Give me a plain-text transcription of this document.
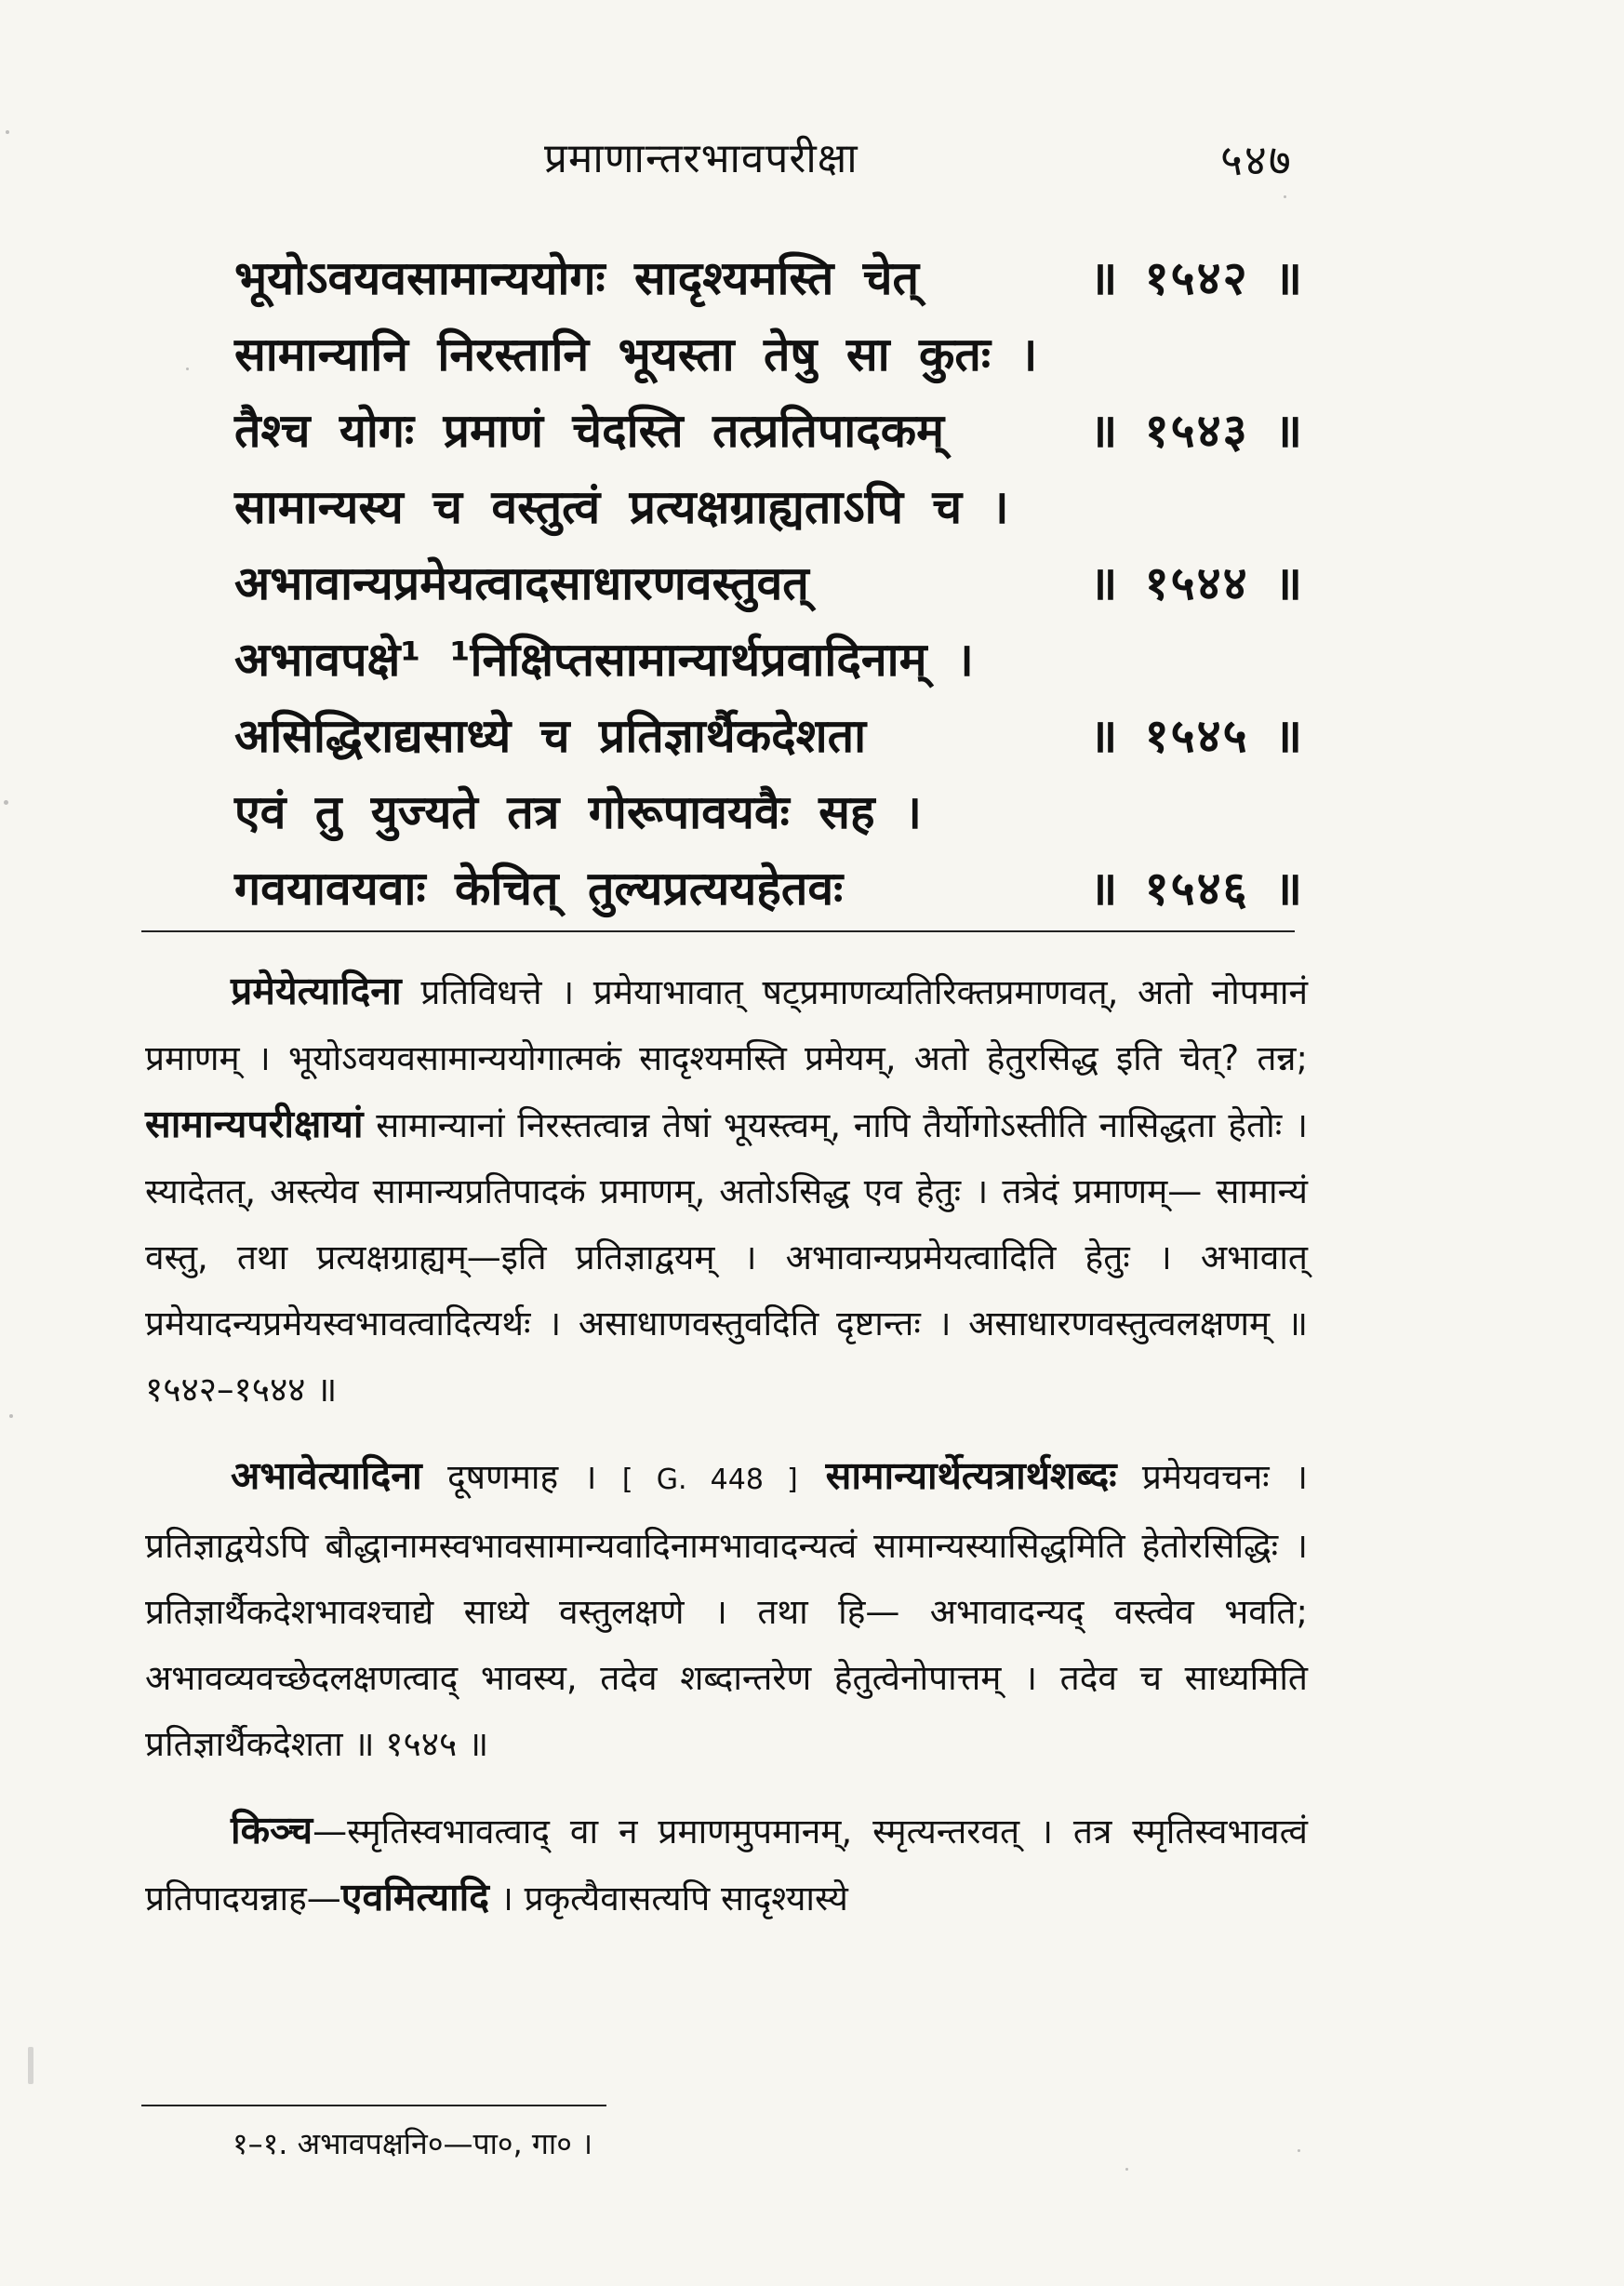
प्रमाणान्तरभावपरीक्षा	५४७
भूयोऽवयवसामान्ययोगः सादृश्यमस्ति चेत्	॥ १५४२ ॥
सामान्यानि निरस्तानि भूयस्ता तेषु सा कुतः ।
तैश्च योगः प्रमाणं चेदस्ति तत्प्रतिपादकम्	॥ १५४३ ॥
सामान्यस्य च वस्तुत्वं प्रत्यक्षग्राह्यताऽपि च ।
अभावान्यप्रमेयत्वादसाधारणवस्तुवत्	॥ १५४४ ॥
अभावपक्षे¹ ¹निक्षिप्तसामान्यार्थप्रवादिनाम् ।
असिद्धिराद्यसाध्ये च प्रतिज्ञार्थैकदेशता	॥ १५४५ ॥
एवं तु युज्यते तत्र गोरूपावयवैः सह ।
गवयावयवाः केचित् तुल्यप्रत्ययहेतवः	॥ १५४६ ॥

प्रमेयेत्यादिना प्रतिविधत्ते । प्रमेयाभावात् षट्प्रमाणव्यतिरिक्तप्रमाणवत्, अतो नोपमानं प्रमाणम् । भूयोऽवयवसामान्ययोगात्मकं सादृश्यमस्ति प्रमेयम्, अतो हेतुरसिद्ध इति चेत्? तन्न; सामान्यपरीक्षायां सामान्यानां निरस्तत्वान्न तेषां भूयस्त्वम्, नापि तैर्योगोऽस्तीति नासिद्धता हेतोः । स्यादेतत्, अस्त्येव सामान्यप्रतिपादकं प्रमाणम्, अतोऽसिद्ध एव हेतुः । तत्रेदं प्रमाणम्— सामान्यं वस्तु, तथा प्रत्यक्षग्राह्यम्—इति प्रतिज्ञाद्वयम् । अभावान्यप्रमेयत्वादिति हेतुः । अभावात् प्रमेयादन्यप्रमेयस्वभावत्वादित्यर्थः । असाधाणवस्तुवदिति दृष्टान्तः । असाधारणवस्तुत्वलक्षणम् ॥ १५४२–१५४४ ॥

अभावेत्यादिना दूषणमाह । [ G. 448 ] सामान्यार्थेत्यत्रार्थशब्दः प्रमेयवचनः । प्रतिज्ञाद्वयेऽपि बौद्धानामस्वभावसामान्यवादिनामभावादन्यत्वं सामान्यस्यासिद्धमिति हेतोरसिद्धिः । प्रतिज्ञार्थैकदेशभावश्चाद्ये साध्ये वस्तुलक्षणे । तथा हि— अभावादन्यद् वस्त्वेव भवति; अभावव्यवच्छेदलक्षणत्वाद् भावस्य, तदेव शब्दान्तरेण हेतुत्वेनोपात्तम् । तदेव च साध्यमिति प्रतिज्ञार्थैकदेशता ॥ १५४५ ॥

किञ्च—स्मृतिस्वभावत्वाद् वा न प्रमाणमुपमानम्, स्मृत्यन्तरवत् । तत्र स्मृतिस्वभावत्वं प्रतिपादयन्नाह—एवमित्यादि । प्रकृत्यैवासत्यपि सादृश्यास्ये

१–१. अभावपक्षनि०—पा०, गा० ।
